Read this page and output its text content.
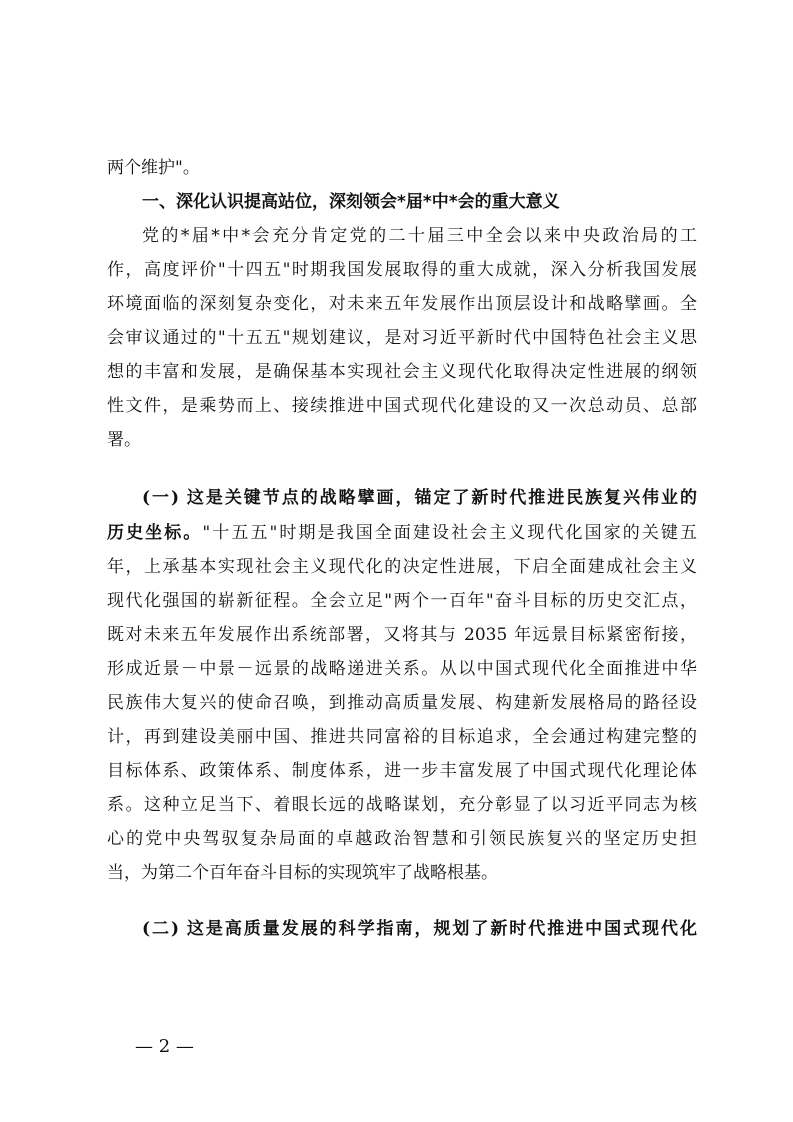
两个维护"。
一、深化认识提高站位，深刻领会*届*中*会的重大意义
党的*届*中*会充分肯定党的二十届三中全会以来中央政治局的工
作，高度评价"十四五"时期我国发展取得的重大成就，深入分析我国发展
环境面临的深刻复杂变化，对未来五年发展作出顶层设计和战略擘画。全
会审议通过的"十五五"规划建议，是对习近平新时代中国特色社会主义思
想的丰富和发展，是确保基本实现社会主义现代化取得决定性进展的纲领
性文件，是乘势而上、接续推进中国式现代化建设的又一次总动员、总部
署。
(一) 这是关键节点的战略擘画，锚定了新时代推进民族复兴伟业的
历史坐标。"十五五"时期是我国全面建设社会主义现代化国家的关键五
年，上承基本实现社会主义现代化的决定性进展，下启全面建成社会主义
现代化强国的崭新征程。全会立足"两个一百年"奋斗目标的历史交汇点，
既对未来五年发展作出系统部署，又将其与 2035 年远景目标紧密衔接，
形成近景－中景－远景的战略递进关系。从以中国式现代化全面推进中华
民族伟大复兴的使命召唤，到推动高质量发展、构建新发展格局的路径设
计，再到建设美丽中国、推进共同富裕的目标追求，全会通过构建完整的
目标体系、政策体系、制度体系，进一步丰富发展了中国式现代化理论体
系。这种立足当下、着眼长远的战略谋划，充分彰显了以习近平同志为核
心的党中央驾驭复杂局面的卓越政治智慧和引领民族复兴的坚定历史担
当，为第二个百年奋斗目标的实现筑牢了战略根基。
(二) 这是高质量发展的科学指南，规划了新时代推进中国式现代化
— 2 —
